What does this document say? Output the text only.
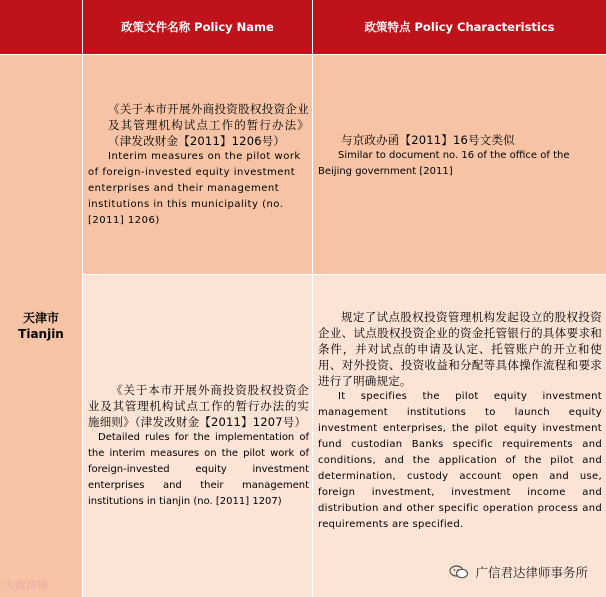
政策文件名称 Policy Name	政策特点 Policy Characteristics
天津市
Tianjin
《关于本市开展外商投资股权投资企业及其管理机构试点工作的暂行办法》（津发改财金【2011】1206号）
Interim measures on the pilot work of foreign-invested equity investment enterprises and their management institutions in this municipality (no. [2011] 1206)
与京政办函【2011】16号文类似
Similar to document no. 16 of the office of the Beijing government [2011]
《关于本市开展外商投资股权投资企业及其管理机构试点工作的暂行办法的实施细则》（津发改财金【2011】1207号）
Detailed rules for the implementation of the interim measures on the pilot work of foreign-invested equity investment enterprises and their management institutions in tianjin (no. [2011] 1207)
规定了试点股权投资管理机构发起设立的股权投资企业、试点股权投资企业的资金托管银行的具体要求和条件，并对试点的申请及认定、托管账户的开立和使用、对外投资、投资收益和分配等具体操作流程和要求进行了明确规定。
It specifies the pilot equity investment management institutions to launch equity investment enterprises, the pilot equity investment fund custodian Banks specific requirements and conditions, and the application of the pilot and determination, custody account open and use, foreign investment, investment income and distribution and other specific operation process and requirements are specified.
大数跨境
广信君达律师事务所
